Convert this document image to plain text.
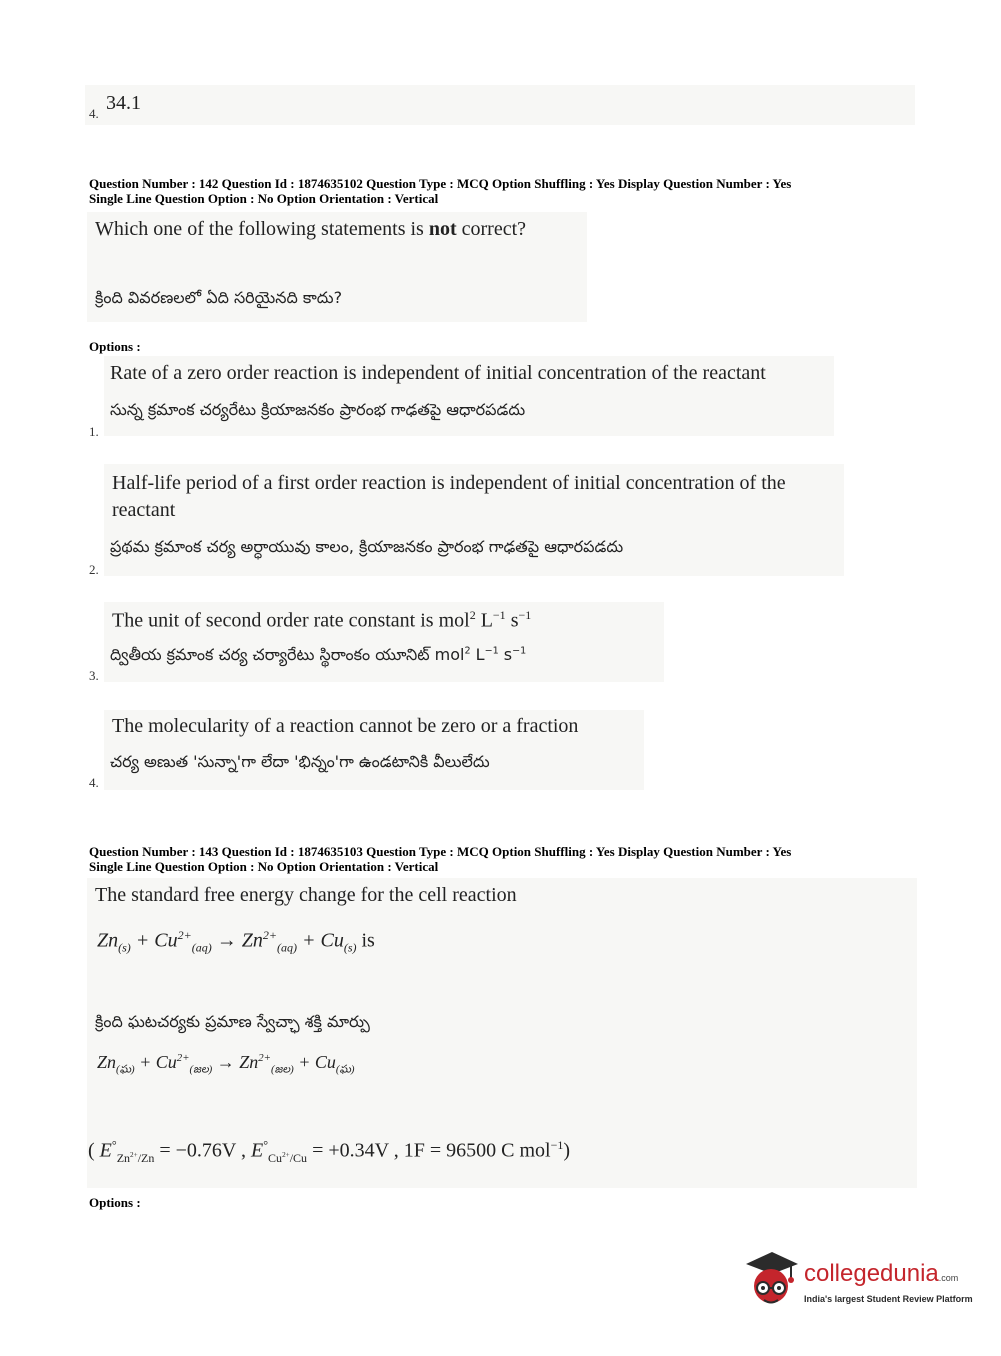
4. 34.1
Question Number : 142 Question Id : 1874635102 Question Type : MCQ Option Shuffling : Yes Display Question Number : Yes
Single Line Question Option : No Option Orientation : Vertical
Which one of the following statements is not correct?
క్రింది వివరణలలో ఏది సరియైనది కాదు?
Options :
Rate of a zero order reaction is independent of initial concentration of the reactant
సున్న క్రమాంక చర్యరేటు క్రియాజనకం ప్రారంభ గాఢతపై ఆధారపడదు
1.
Half-life period of a first order reaction is independent of initial concentration of the
reactant
ప్రథమ క్రమాంక చర్య అర్ధాయువు కాలం, క్రియాజనకం ప్రారంభ గాఢతపై ఆధారపడదు
2.
The unit of second order rate constant is mol$^2$ $L^{-1}$ $s^{-1}$
ద్వితీయ క్రమాంక చర్య చర్యారేటు స్థిరాంకం యూనిట్ mol$^2$ $L^{-1}$ $s^{-1}$
3.
The molecularity of a reaction cannot be zero or a fraction
చర్య అణుత 'సున్నా'గా లేదా 'భిన్నం'గా ఉండటానికి వీలులేదు
4.
Question Number : 143 Question Id : 1874635103 Question Type : MCQ Option Shuffling : Yes Display Question Number : Yes
Single Line Question Option : No Option Orientation : Vertical
The standard free energy change for the cell reaction
$Zn_{(s)} + Cu^{2+}_{(aq)} \to Zn^{2+}_{(aq)} + Cu_{(s)}$ is
క్రింది ఘటచర్యకు ప్రమాణ స్వేచ్ఛా శక్తి మార్పు
$Zn_{(ఘ)} + Cu^{2+}_{(జల)} \to Zn^{2+}_{(జల)} + Cu_{(ఘ)}$
( $E^\circ_{Zn^{2+}/Zn} = -0.76V$ , $E^\circ_{Cu^{2+}/Cu} = +0.34V$ , 1F = 96500 C mol$^{-1}$)
Options :
collegedunia.com
India's largest Student Review Platform
